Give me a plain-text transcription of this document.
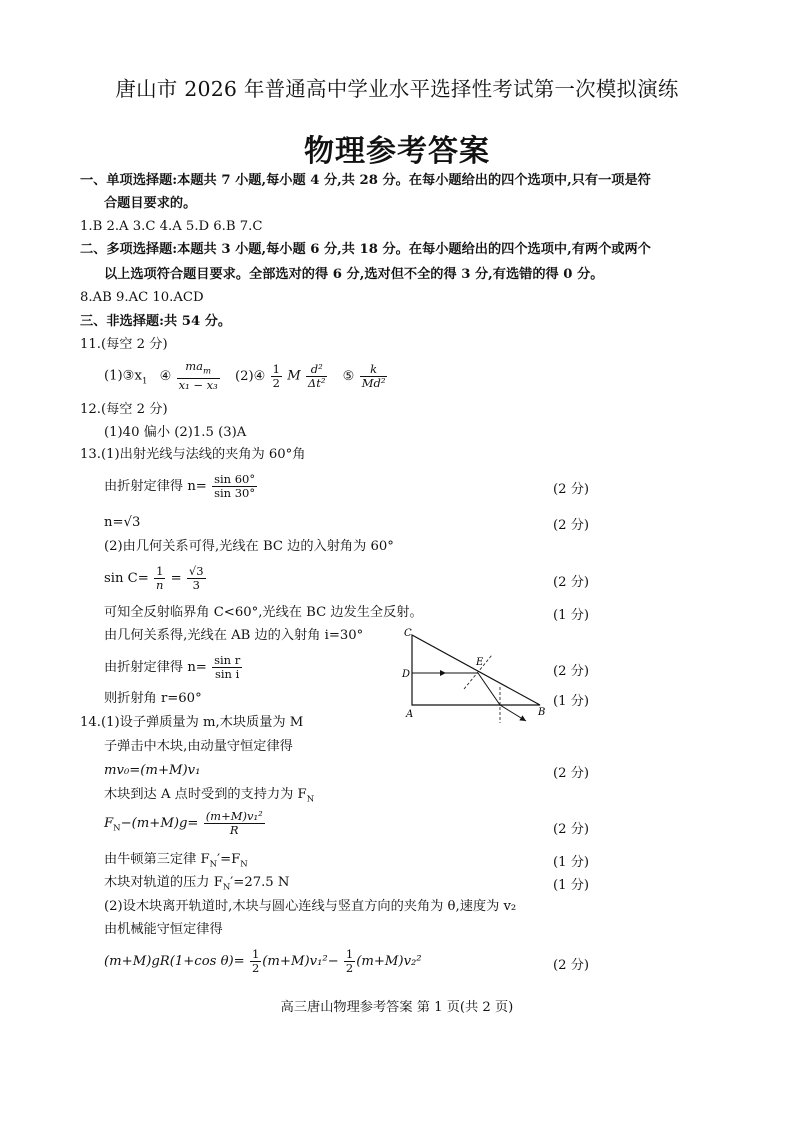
唐山市 2026 年普通高中学业水平选择性考试第一次模拟演练
物理参考答案
一、单项选择题:本题共 7 小题,每小题 4 分,共 28 分。在每小题给出的四个选项中,只有一项是符
合题目要求的。
1.B 2.A 3.C 4.A 5.D 6.B 7.C
二、多项选择题:本题共 3 小题,每小题 6 分,共 18 分。在每小题给出的四个选项中,有两个或两个
以上选项符合题目要求。全部选对的得 6 分,选对但不全的得 3 分,有选错的得 0 分。
8.AB 9.AC 10.ACD
三、非选择题:共 54 分。
11.(每空 2 分)
$(1)③x_1$ ④ $\frac{ma_m}{\text{x₁ − x₃}}$ (2)④ $\frac{1}{2}$ M $\frac{\text{d²}}{\text{Δt²}}$ ⑤ $\frac{k}{\text{Md²}}$
12.(每空 2 分)
(1)40 偏小 (2)1.5 (3)A
13.(1)出射光线与法线的夹角为 60°角
由折射定律得 $n= \frac{\sin 60^\circ}{\sin 30^\circ}$	(2 分)
n=√3	(2 分)
(2)由几何关系可得,光线在 BC 边的入射角为 60°
$\sin C= \frac{1}{n} = \frac{√3}{3}$	(2 分)
可知全反射临界角 C<60°,光线在 BC 边发生全反射。	(1 分)
由几何关系得,光线在 AB 边的入射角 i=30°
由折射定律得 $n= \frac{\text{sin r}}{\text{sin i}}$	(2 分)
则折射角 r=60°	(1 分)
C
D
E
A	B
14.(1)设子弹质量为 m,木块质量为 M
子弹击中木块,由动量守恒定律得
mv₀=(m+M)v₁	(2 分)
木块到达 A 点时受到的支持力为 $F_N$
$F_N-(m+M)g= \frac{\text{(m+M)v₁²}}{R}$	(2 分)
由牛顿第三定律 $F_N'=F_N$	(1 分)
木块对轨道的压力 $F_N'=27.5$ N	(1 分)
(2)设木块离开轨道时,木块与圆心连线与竖直方向的夹角为 θ,速度为 v₂
由机械能守恒定律得
(m+M)gR(1+cos $\theta)= \frac{1}{2} (m+M)v_1^2- \frac{1}{2} (m+M)v_2^2$	(2 分)
高三唐山物理参考答案 第 1 页(共 2 页)
